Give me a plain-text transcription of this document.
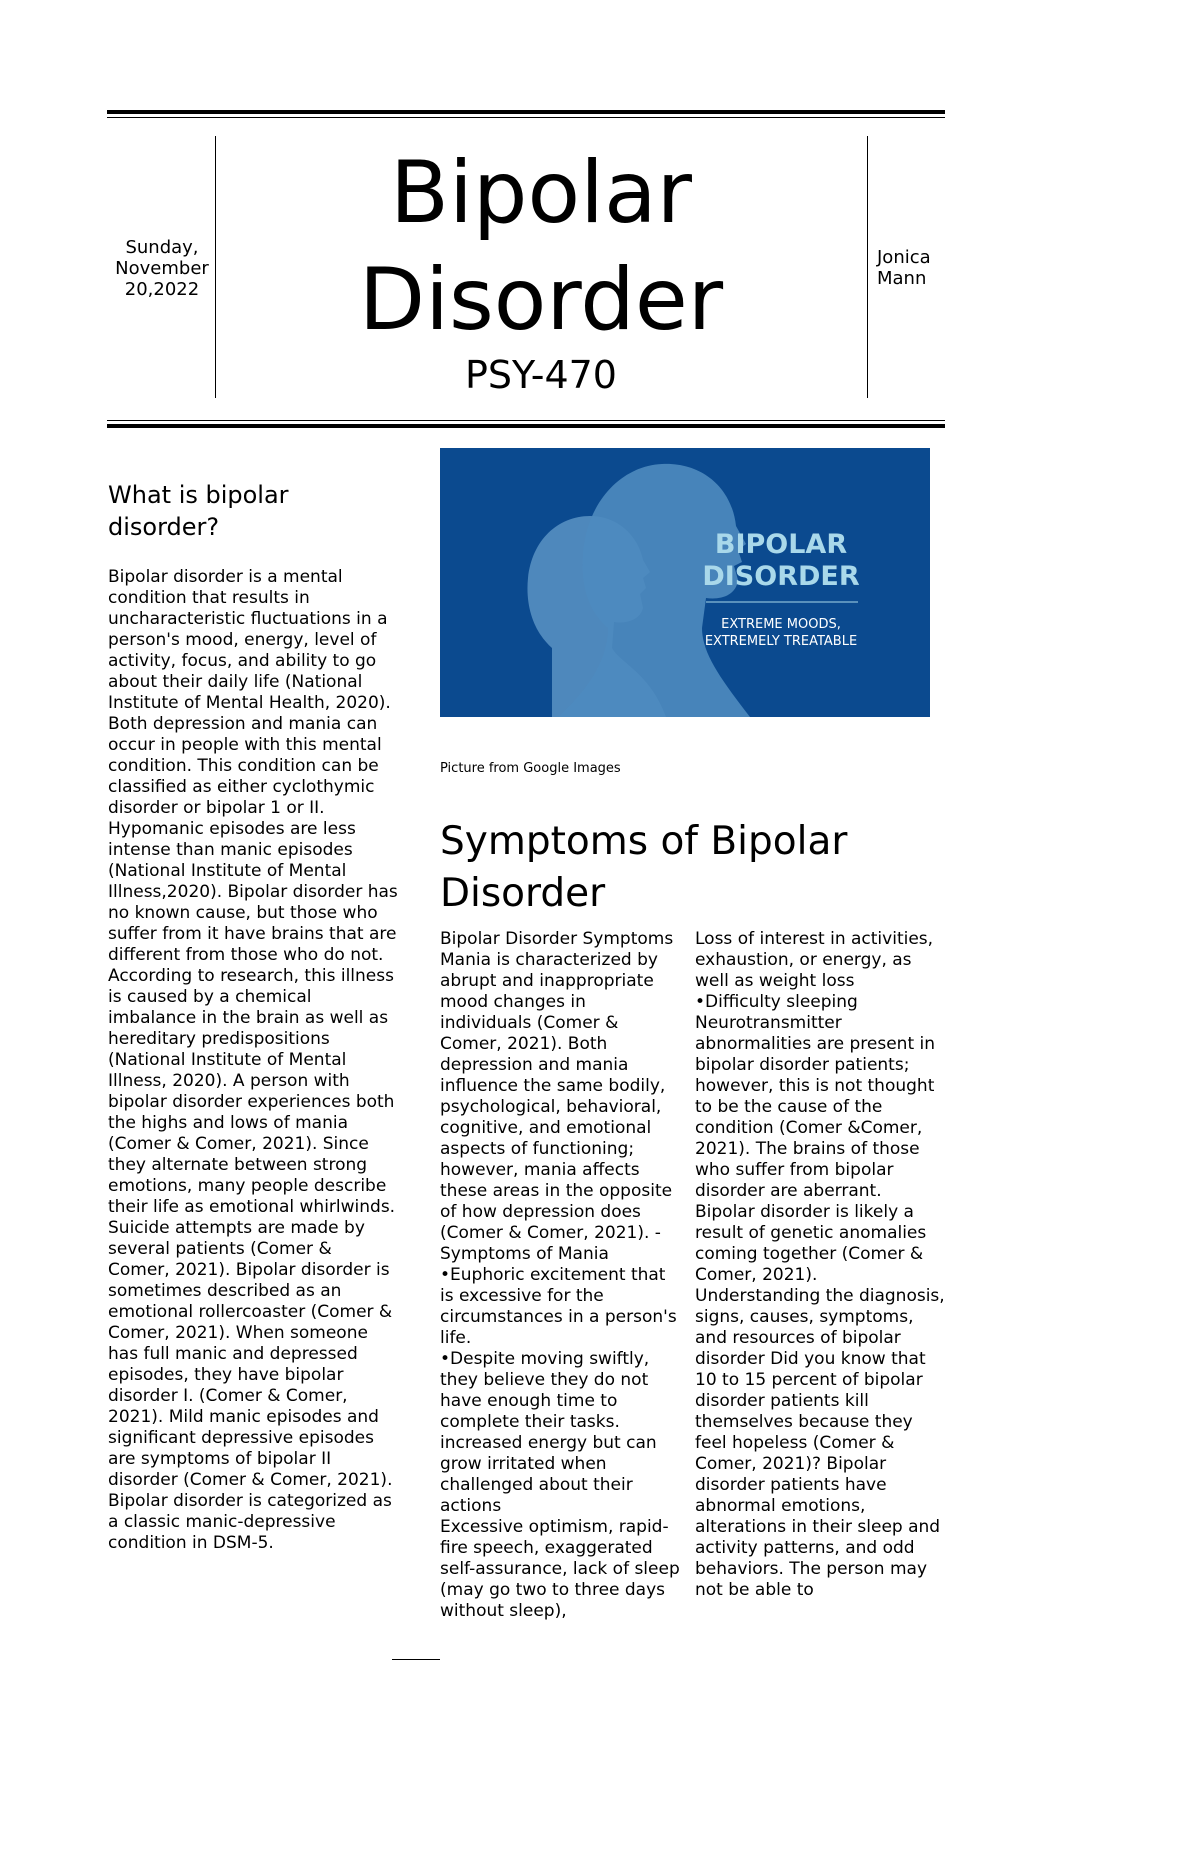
Sunday, November 20,2022
Bipolar Disorder
PSY-470
Jonica Mann
What is bipolar disorder?
Bipolar disorder is a mental condition that results in uncharacteristic fluctuations in a person's mood, energy, level of activity, focus, and ability to go about their daily life (National Institute of Mental Health, 2020). Both depression and mania can occur in people with this mental condition. This condition can be classified as either cyclothymic disorder or bipolar 1 or II. Hypomanic episodes are less intense than manic episodes (National Institute of Mental Illness,2020). Bipolar disorder has no known cause, but those who suffer from it have brains that are different from those who do not. According to research, this illness is caused by a chemical imbalance in the brain as well as hereditary predispositions (National Institute of Mental Illness, 2020). A person with bipolar disorder experiences both the highs and lows of mania (Comer & Comer, 2021). Since they alternate between strong emotions, many people describe their life as emotional whirlwinds. Suicide attempts are made by several patients (Comer & Comer, 2021). Bipolar disorder is sometimes described as an emotional rollercoaster (Comer & Comer, 2021). When someone has full manic and depressed episodes, they have bipolar disorder I. (Comer & Comer, 2021). Mild manic episodes and significant depressive episodes are symptoms of bipolar II disorder (Comer & Comer, 2021). Bipolar disorder is categorized as a classic manic-depressive condition in DSM-5.
BIPOLAR
DISORDER
EXTREME MOODS,
EXTREMELY TREATABLE
Picture from Google Images
Symptoms of Bipolar Disorder
Bipolar Disorder Symptoms Mania is characterized by abrupt and inappropriate mood changes in individuals (Comer & Comer, 2021). Both depression and mania influence the same bodily, psychological, behavioral, cognitive, and emotional aspects of functioning; however, mania affects these areas in the opposite of how depression does (Comer & Comer, 2021). -Symptoms of Mania
•Euphoric excitement that is excessive for the circumstances in a person's life.
•Despite moving swiftly, they believe they do not have enough time to complete their tasks. increased energy but can grow irritated when challenged about their actions
Excessive optimism, rapid-fire speech, exaggerated self-assurance, lack of sleep (may go two to three days without sleep),
Loss of interest in activities, exhaustion, or energy, as well as weight loss
•Difficulty sleeping Neurotransmitter abnormalities are present in bipolar disorder patients; however, this is not thought to be the cause of the condition (Comer &Comer, 2021). The brains of those who suffer from bipolar disorder are aberrant. Bipolar disorder is likely a result of genetic anomalies coming together (Comer & Comer, 2021). Understanding the diagnosis, signs, causes, symptoms, and resources of bipolar disorder Did you know that 10 to 15 percent of bipolar disorder patients kill themselves because they feel hopeless (Comer & Comer, 2021)? Bipolar disorder patients have abnormal emotions, alterations in their sleep and activity patterns, and odd behaviors. The person may not be able to
